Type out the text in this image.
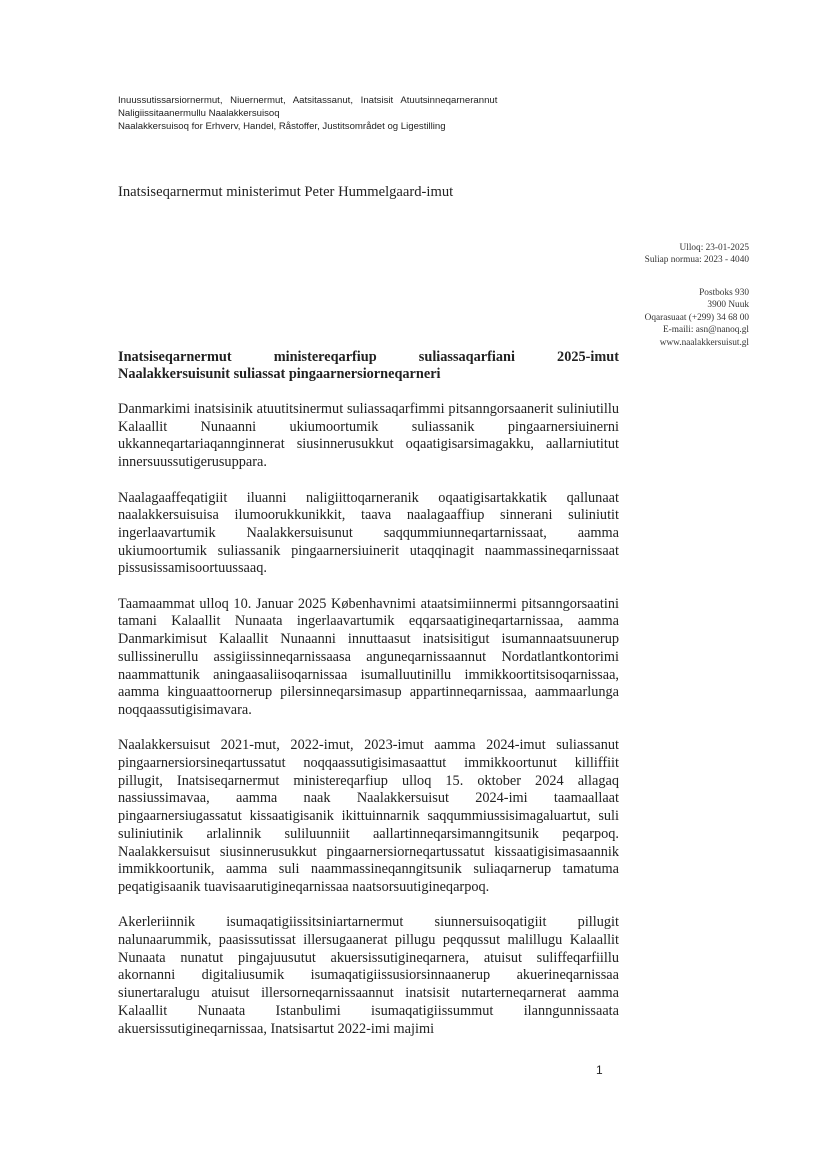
Inuussutissarsiornermut, Niuernermut, Aatsitassanut, Inatsisit Atuutsinneqarnerannut
Naligiissitaanermullu Naalakkersuisoq
Naalakkersuisoq for Erhverv, Handel, Råstoffer, Justitsområdet og Ligestilling
Inatsiseqarnermut ministerimut Peter Hummelgaard-imut
Ulloq: 23-01-2025
Suliap normua: 2023 - 4040
Postboks 930
3900 Nuuk
Oqarasuaat (+299) 34 68 00
E-maili: asn@nanoq.gl
www.naalakkersuisut.gl
Inatsiseqarnermut ministereqarfiup suliassaqarfiani 2025-imut
Naalakkersuisunit suliassat pingaarnersiorneqarneri

Danmarkimi inatsisinik atuutitsinermut suliassaqarfimmi pitsanngorsaanerit suliniutillu Kalaallit Nunaanni ukiumoortumik suliassanik pingaarnersiuinerni ukkanneqartariaqannginnerat siusinnerusukkut oqaatigisarsimagakku, aallarniutitut innersuussutigerusuppara.

Naalagaaffeqatigiit iluanni naligiittoqarneranik oqaatigisartakkatik qallunaat naalakkersuisuisa ilumoorukkunikkit, taava naalagaaffiup sinnerani suliniutit ingerlaavartumik Naalakkersuisunut saqqummiunneqartarnissaat, aamma ukiumoortumik suliassanik pingaarnersiuinerit utaqqinagit naammassineqarnissaat pissusissamisoortuussaaq.

Taamaammat ulloq 10. Januar 2025 Københavnimi ataatsimiinnermi pitsanngorsaatini tamani Kalaallit Nunaata ingerlaavartumik eqqarsaatigineqartarnissaa, aamma Danmarkimisut Kalaallit Nunaanni innuttaasut inatsisitigut isumannaatsuunerup sullissinerullu assigiissinneqarnissaasa anguneqarnissaannut Nordatlantkontorimi naammattunik aningaasaliisoqarnissaa isumalluutinillu immikkoortitsisoqarnissaa, aamma kinguaattoornerup pilersinneqarsimasup appartinneqarnissaa, aammaarlunga noqqaassutigisimavara.

Naalakkersuisut 2021-mut, 2022-imut, 2023-imut aamma 2024-imut suliassanut pingaarnersiorsineqartussatut noqqaassutigisimasaattut immikkoortunut killiffiit pillugit, Inatsiseqarnermut ministereqarfiup ulloq 15. oktober 2024 allagaq nassiussimavaa, aamma naak Naalakkersuisut 2024-imi taamaallaat pingaarnersiugassatut kissaatigisanik ikittuinnarnik saqqummiussisimagaluartut, suli suliniutinik arlalinnik suliluunniit aallartinneqarsimanngitsunik peqarpoq. Naalakkersuisut siusinnerusukkut pingaarnersiorneqartussatut kissaatigisimasaannik immikkoortunik, aamma suli naammassineqanngitsunik suliaqarnerup tamatuma peqatigisaanik tuavisaarutigineqarnissaa naatsorsuutigineqarpoq.

Akerleriinnik isumaqatigiissitsiniartarnermut siunnersuisoqatigiit pillugit nalunaarummik, paasissutissat illersugaanerat pillugu peqqussut malillugu Kalaallit Nunaata nunatut pingajuusutut akuersissutigineqarnera, atuisut suliffeqarfiillu akornanni digitaliusumik isumaqatigiissusiorsinnaanerup akuerineqarnissaa siunertaralugu atuisut illersorneqarnissaannut inatsisit nutarterneqarnerat aamma Kalaallit Nunaata Istanbulimi isumaqatigiissummut ilanngunnissaata akuersissutigineqarnissaa, Inatsisartut 2022-imi majimi

1
